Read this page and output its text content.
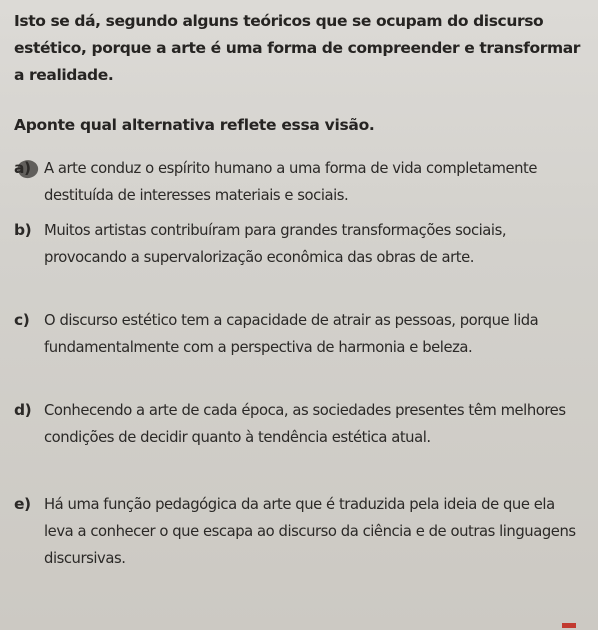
Isto se dá, segundo alguns teóricos que se ocupam do discurso estético, porque a arte é uma forma de compreender e transformar a realidade.

Aponte qual alternativa reflete essa visão.

a) A arte conduz o espírito humano a uma forma de vida completamente destituída de interesses materiais e sociais.
b) Muitos artistas contribuíram para grandes transformações sociais, provocando a supervalorização econômica das obras de arte.
c) O discurso estético tem a capacidade de atrair as pessoas, porque lida fundamentalmente com a perspectiva de harmonia e beleza.
d) Conhecendo a arte de cada época, as sociedades presentes têm melhores condições de decidir quanto à tendência estética atual.
e) Há uma função pedagógica da arte que é traduzida pela ideia de que ela leva a conhecer o que escapa ao discurso da ciência e de outras linguagens discursivas.
